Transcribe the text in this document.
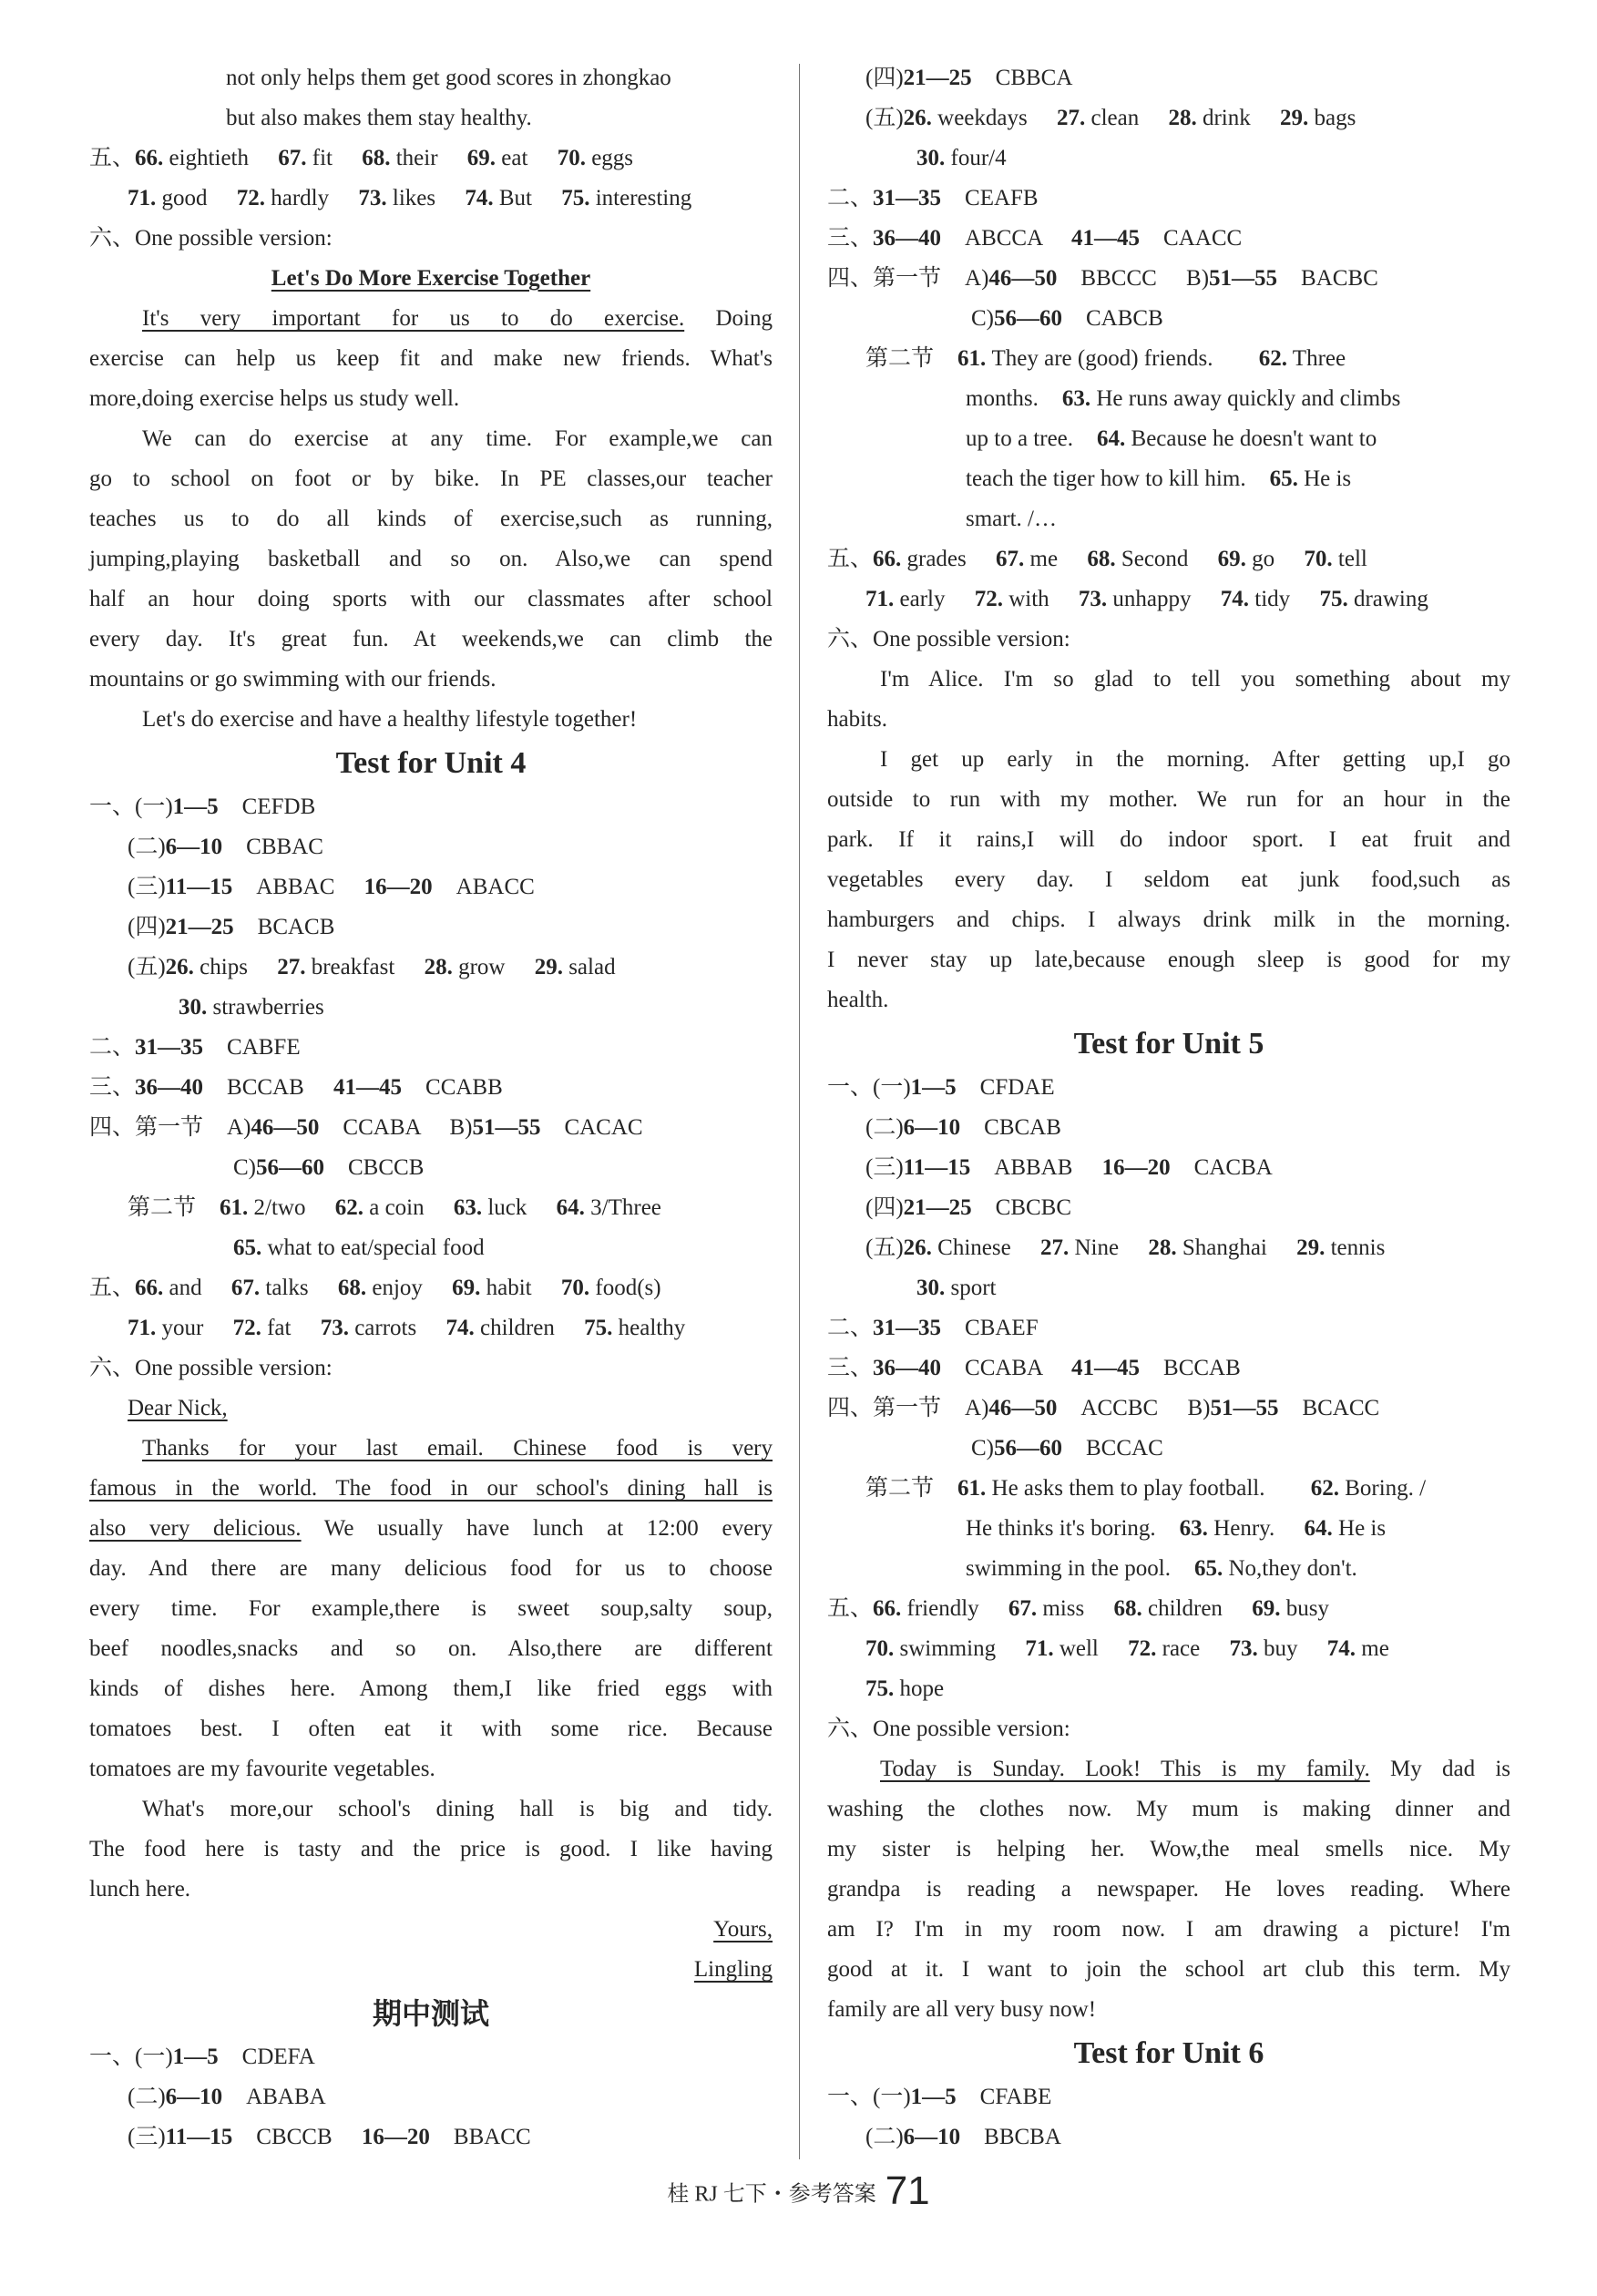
not only helps them get good scores in zhongkao
but also makes them stay healthy.
五、66. eightieth 67. fit 68. their 69. eat 70. eggs
71. good 72. hardly 73. likes 74. But 75. interesting
六、One possible version:
Let's Do More Exercise Together
It's very important for us to do exercise. Doing
exercise can help us keep fit and make new friends. What's
more,doing exercise helps us study well.
We can do exercise at any time. For example,we can
go to school on foot or by bike. In PE classes,our teacher
teaches us to do all kinds of exercise,such as running,
jumping,playing basketball and so on. Also,we can spend
half an hour doing sports with our classmates after school
every day. It's great fun. At weekends,we can climb the
mountains or go swimming with our friends.
Let's do exercise and have a healthy lifestyle together!
Test for Unit 4
一、(一)1—5 CEFDB
(二)6—10 CBBAC
(三)11—15 ABBAC 16—20 ABACC
(四)21—25 BCACB
(五)26. chips 27. breakfast 28. grow 29. salad
30. strawberries
二、31—35 CABFE
三、36—40 BCCAB 41—45 CCABB
四、第一节 A)46—50 CCABA B)51—55 CACAC
C)56—60 CBCCB
第二节 61. 2/two 62. a coin 63. luck 64. 3/Three
65. what to eat/special food
五、66. and 67. talks 68. enjoy 69. habit 70. food(s)
71. your 72. fat 73. carrots 74. children 75. healthy
六、One possible version:
Dear Nick,
Thanks for your last email. Chinese food is very
famous in the world. The food in our school's dining hall is
also very delicious. We usually have lunch at 12:00 every
day. And there are many delicious food for us to choose
every time. For example,there is sweet soup,salty soup,
beef noodles,snacks and so on. Also,there are different
kinds of dishes here. Among them,I like fried eggs with
tomatoes best. I often eat it with some rice. Because
tomatoes are my favourite vegetables.
What's more,our school's dining hall is big and tidy.
The food here is tasty and the price is good. I like having
lunch here.
Yours,
Lingling
期中测试
一、(一)1—5 CDEFA
(二)6—10 ABABA
(三)11—15 CBCCB 16—20 BBACC
(四)21—25 CBBCA
(五)26. weekdays 27. clean 28. drink 29. bags
30. four/4
二、31—35 CEAFB
三、36—40 ABCCA 41—45 CAACC
四、第一节 A)46—50 BBCCC B)51—55 BACBC
C)56—60 CABCB
第二节 61. They are (good) friends. 62. Three
months. 63. He runs away quickly and climbs
up to a tree. 64. Because he doesn't want to
teach the tiger how to kill him. 65. He is
smart. /…
五、66. grades 67. me 68. Second 69. go 70. tell
71. early 72. with 73. unhappy 74. tidy 75. drawing
六、One possible version:
I'm Alice. I'm so glad to tell you something about my
habits.
I get up early in the morning. After getting up,I go
outside to run with my mother. We run for an hour in the
park. If it rains,I will do indoor sport. I eat fruit and
vegetables every day. I seldom eat junk food,such as
hamburgers and chips. I always drink milk in the morning.
I never stay up late,because enough sleep is good for my
health.
Test for Unit 5
一、(一)1—5 CFDAE
(二)6—10 CBCAB
(三)11—15 ABBAB 16—20 CACBA
(四)21—25 CBCBC
(五)26. Chinese 27. Nine 28. Shanghai 29. tennis
30. sport
二、31—35 CBAEF
三、36—40 CCABA 41—45 BCCAB
四、第一节 A)46—50 ACCBC B)51—55 BCACC
C)56—60 BCCAC
第二节 61. He asks them to play football. 62. Boring. /
He thinks it's boring. 63. Henry. 64. He is
swimming in the pool. 65. No,they don't.
五、66. friendly 67. miss 68. children 69. busy
70. swimming 71. well 72. race 73. buy 74. me
75. hope
六、One possible version:
Today is Sunday. Look! This is my family. My dad is
washing the clothes now. My mum is making dinner and
my sister is helping her. Wow,the meal smells nice. My
grandpa is reading a newspaper. He loves reading. Where
am I? I'm in my room now. I am drawing a picture! I'm
good at it. I want to join the school art club this term. My
family are all very busy now!
Test for Unit 6
一、(一)1—5 CFABE
(二)6—10 BBCBA
桂 RJ 七下・参考答案 71
